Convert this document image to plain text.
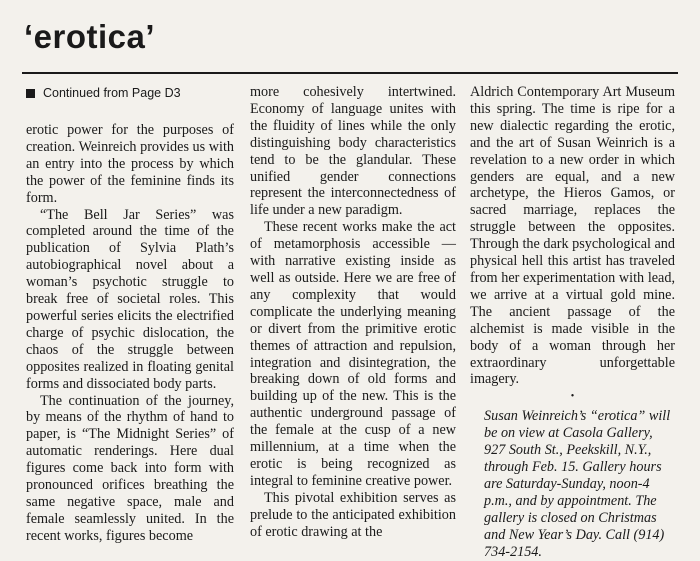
‘erotica’
Continued from Page D3

erotic power for the purposes of creation. Weinreich provides us with an entry into the process by which the power of the feminine finds its form.

“The Bell Jar Series” was completed around the time of the publication of Sylvia Plath’s autobiographical novel about a woman’s psychotic struggle to break free of societal roles. This powerful series elicits the electrified charge of psychic dislocation, the chaos of the struggle between opposites realized in floating genital forms and dissociated body parts.

The continuation of the journey, by means of the rhythm of hand to paper, is “The Midnight Series” of automatic renderings. Here dual figures come back into form with pronounced orifices breathing the same negative space, male and female seamlessly united. In the recent works, figures become

more cohesively intertwined. Economy of language unites with the fluidity of lines while the only distinguishing body characteristics tend to be the glandular. These unified gender connections represent the interconnectedness of life under a new paradigm.

These recent works make the act of metamorphosis accessible —with narrative existing inside as well as outside. Here we are free of any complexity that would complicate the underlying meaning or divert from the primitive erotic themes of attraction and repulsion, integration and disintegration, the breaking down of old forms and building up of the new. This is the authentic underground passage of the female at the cusp of a new millennium, at a time when the erotic is being recognized as integral to feminine creative power.

This pivotal exhibition serves as prelude to the anticipated exhibition of erotic drawing at the

Aldrich Contemporary Art Museum this spring. The time is ripe for a new dialectic regarding the erotic, and the art of Susan Weinrich is a revelation to a new order in which genders are equal, and a new archetype, the Hieros Gamos, or sacred marriage, replaces the struggle between the opposites. Through the dark psychological and physical hell this artist has traveled from her experimentation with lead, we arrive at a virtual gold mine. The ancient passage of the alchemist is made visible in the body of a woman through her extraordinary unforgettable imagery.

•
Susan Weinreich’s “erotica” will be on view at Casola Gallery, 927 South St., Peekskill, N.Y., through Feb. 15. Gallery hours are Saturday-Sunday, noon-4 p.m., and by appointment. The gallery is closed on Christmas and New Year’s Day. Call (914) 734-2154.
